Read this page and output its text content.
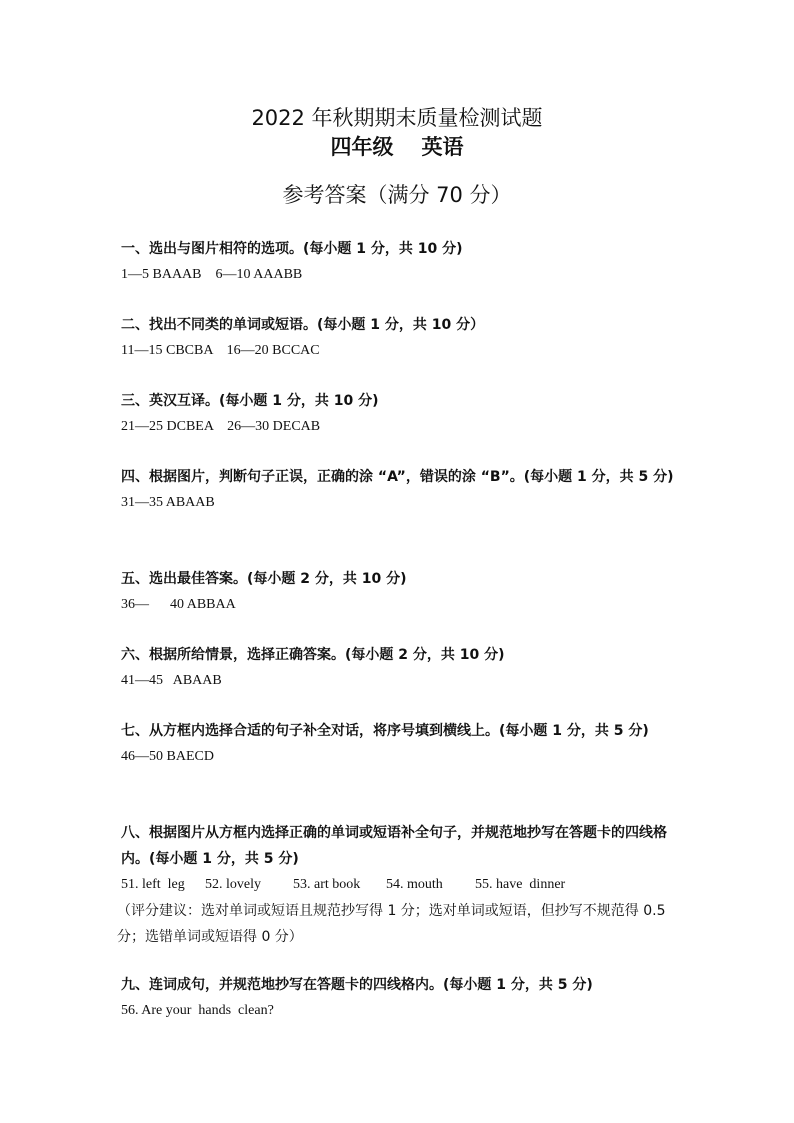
2022 年秋期期末质量检测试题
四年级 英语
参考答案（满分 70 分）
一、选出与图片相符的选项。(每小题 1 分，共 10 分)
1—5 BAAAB    6—10 AAABB
二、找出不同类的单词或短语。(每小题 1 分，共 10 分）
11—15 CBCBA    16—20 BCCAC
三、英汉互译。(每小题 1 分，共 10 分)
21—25 DCBEA    26—30 DECAB
四、根据图片，判断句子正误，正确的涂 “A”，错误的涂 “B”。(每小题 1 分，共 5 分)
31—35 ABAAB
五、选出最佳答案。(每小题 2 分，共 10 分)
36—      40 ABBAA
六、根据所给情景，选择正确答案。(每小题 2 分，共 10 分)
41—45   ABAAB
七、从方框内选择合适的句子补全对话，将序号填到横线上。(每小题 1 分，共 5 分)
46—50 BAECD
八、根据图片从方框内选择正确的单词或短语补全句子，并规范地抄写在答题卡的四线格内。(每小题 1 分，共 5 分)
51. left  leg 52. lovely 53. art book 54. mouth 55. have  dinner
（评分建议：选对单词或短语且规范抄写得 1 分；选对单词或短语，但抄写不规范得 0.5 分；选错单词或短语得 0 分）
九、连词成句，并规范地抄写在答题卡的四线格内。(每小题 1 分，共 5 分)
56. Are your  hands  clean?
